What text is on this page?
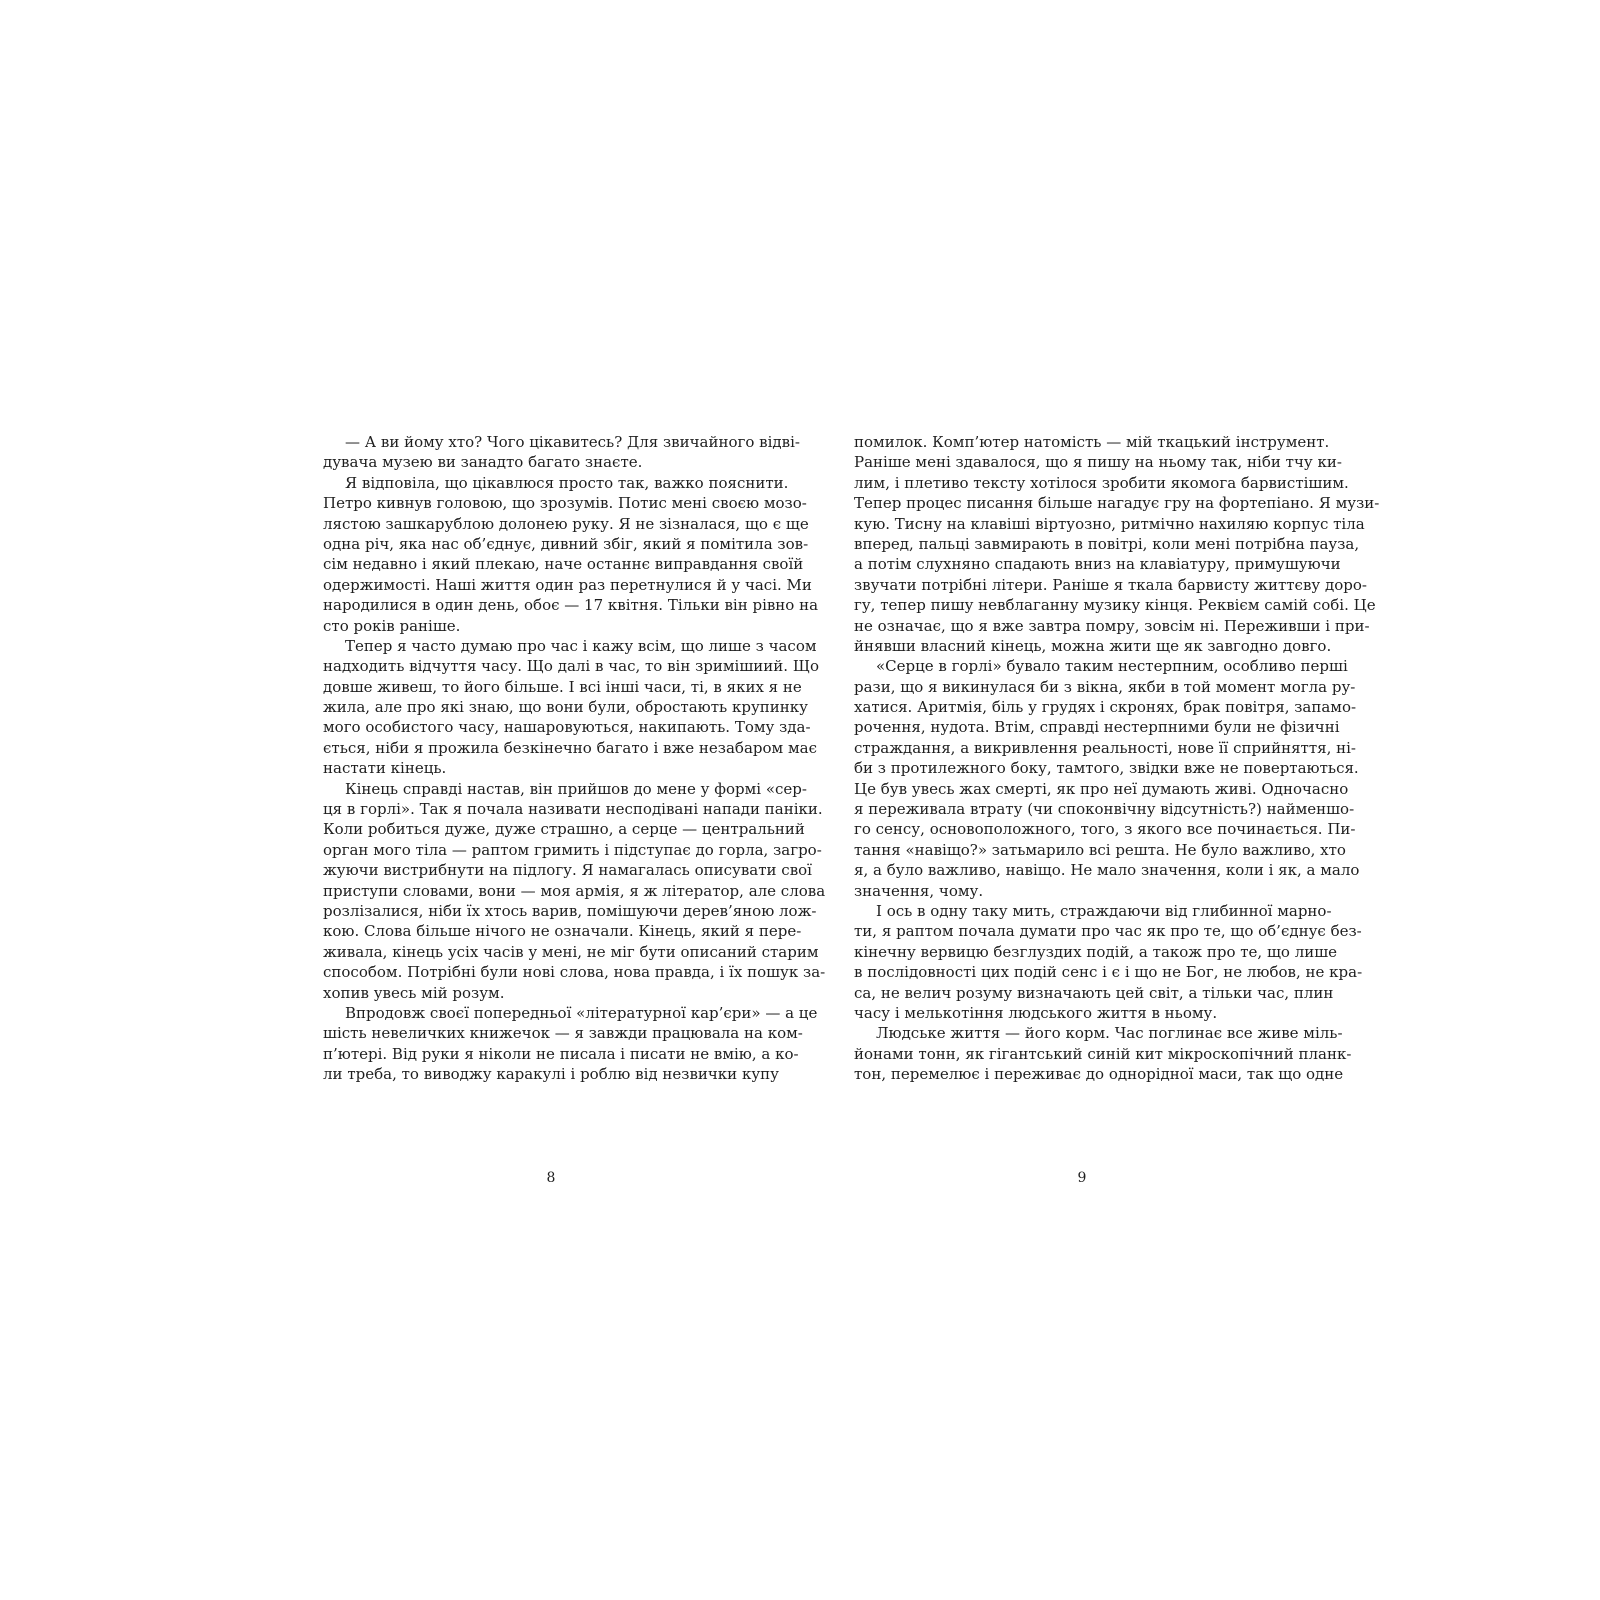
— А ви йому хто? Чого цікавитесь? Для звичайного відві-
дувача музею ви занадто багато знаєте.
Я відповіла, що цікавлюся просто так, важко пояснити.
Петро кивнув головою, що зрозумів. Потис мені своєю мозо-
лястою зашкарублою долонею руку. Я не зізналася, що є ще
одна річ, яка нас об’єднує, дивний збіг, який я помітила зов-
сім недавно і який плекаю, наче останнє виправдання своїй
одержимості. Наші життя один раз перетнулися й у часі. Ми
народилися в один день, обоє — 17 квітня. Тільки він рівно на
сто років раніше.
Тепер я часто думаю про час і кажу всім, що лише з часом
надходить відчуття часу. Що далі в час, то він зримішиий. Що
довше живеш, то його більше. І всі інші часи, ті, в яких я не
жила, але про які знаю, що вони були, обростають крупинку
мого особистого часу, нашаровуються, накипають. Тому здa-
ється, ніби я прожила безкінечно багато і вже незабаром має
настати кінець.
Кінець справді настав, він прийшов до мене у формі «сер-
ця в горлі». Так я почала називати несподівані напади паніки.
Коли робиться дуже, дуже страшно, а серце — центральний
орган мого тіла — раптом гримить і підступає до горла, загро-
жуючи вистрибнути на підлогу. Я намагалась описувати свої
приступи словами, вони — моя армія, я ж літератор, але слова
розлізалися, ніби їх хтось варив, помішуючи дерев’яною лож-
кою. Слова більше нічого не означали. Кінець, який я пере-
живала, кінець усіх часів у мені, не міг бути описаний старим
способом. Потрібні були нові слова, нова правда, і їх пошук за-
хопив увесь мій розум.
Впродовж своєї попередньої «літературної кар’єри» — а це
шість невеличких книжечок — я завжди працювала на ком-
п’ютері. Від руки я ніколи не писала і писати не вмію, а ко-
ли треба, то виводжу каракулі і роблю від незвички купу
8
помилок. Комп’ютер натомість — мій ткацький інструмент.
Раніше мені здавалося, що я пишу на ньому так, ніби тчу ки-
лим, і плетиво тексту хотілося зробити якомога барвистішим.
Тепер процес писання більше нагадує гру на фортепіано. Я музи-
кую. Тисну на клавіші віртуозно, ритмічно нахиляю корпус тіла
вперед, пальці завмирають в повітрі, коли мені потрібна пауза,
а потім слухняно спадають вниз на клавіатуру, примушуючи
звучати потрібні літери. Раніше я ткала барвисту життєву доро-
гу, тепер пишу невблаганну музику кінця. Реквієм самій собі. Це
не означає, що я вже завтра помру, зовсім ні. Переживши і при-
йнявши власний кінець, можна жити ще як завгодно довго.
«Серце в горлі» бувало таким нестерпним, особливо перші
рази, що я викинулася би з вікна, якби в той момент могла ру-
хатися. Аритмія, біль у грудях і скронях, брак повітря, запамо-
рочення, нудота. Втім, справді нестерпними були не фізичні
страждання, а викривлення реальності, нове її сприйняття, ні-
би з протилежного боку, тамтого, звідки вже не повертаються.
Це був увесь жах смерті, як про неї думають живі. Одночасно
я переживала втрату (чи споконвічну відсутність?) найменшо-
го сенсу, основоположного, того, з якого все починається. Пи-
тання «навіщо?» затьмарило всі решта. Не було важливо, хто
я, а було важливо, навіщо. Не мало значення, коли і як, а мало
значення, чому.
І ось в одну таку мить, страждаючи від глибинної марно-
ти, я раптом почала думати про час як про те, що об’єднує без-
кінечну вервицю безглуздих подій, а також про те, що лише
в послідовності цих подій сенс і є і що не Бог, не любов, не кра-
са, не велич розуму визначають цей світ, а тільки час, плин
часу і мелькотіння людського життя в ньому.
Людське життя — його корм. Час поглинає все живе міль-
йонами тонн, як гігантський синій кит мікроскопічний планк-
тон, перемелює і переживає до однорідної маси, так що одне
9
